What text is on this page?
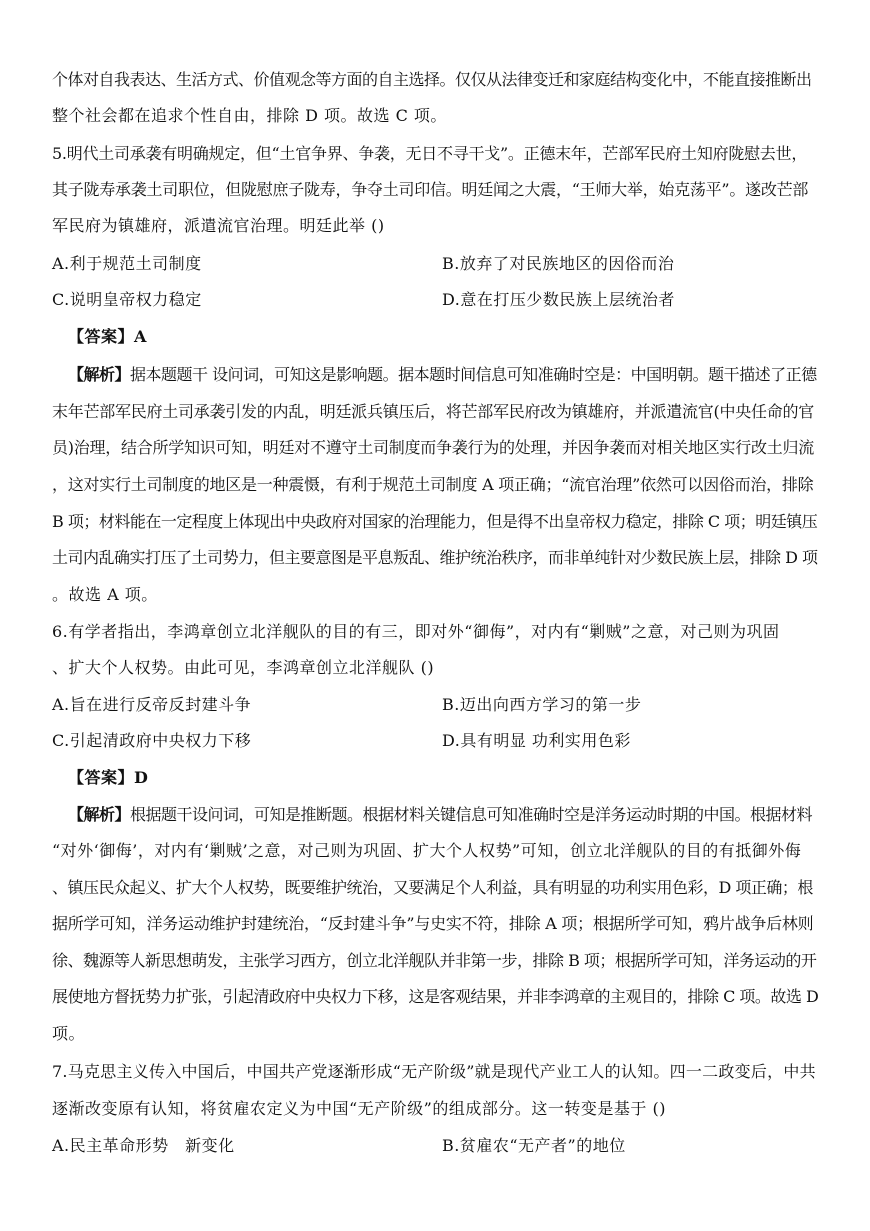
个体对自我表达、生活方式、价值观念等方面的自主选择。仅仅从法律变迁和家庭结构变化中，不能直接推断出
整个社会都在追求个性自由，排除 D 项。故选 C 项。
5.明代土司承袭有明确规定，但“土官争界、争袭，无日不寻干戈”。正德末年，芒部军民府土知府陇慰去世，
其子陇寿承袭土司职位，但陇慰庶子陇寿，争夺土司印信。明廷闻之大震，“王师大举，始克荡平”。遂改芒部
军民府为镇雄府，派遣流官治理。明廷此举 ()
A.利于规范土司制度	B.放弃了对民族地区的因俗而治
C.说明皇帝权力稳定	D.意在打压少数民族上层统治者
【答案】A
【解析】据本题题干 设问词，可知这是影响题。据本题时间信息可知准确时空是：中国明朝。题干描述了正德
末年芒部军民府土司承袭引发的内乱，明廷派兵镇压后，将芒部军民府改为镇雄府，并派遣流官(中央任命的官
员)治理，结合所学知识可知，明廷对不遵守土司制度而争袭行为的处理，并因争袭而对相关地区实行改土归流
，这对实行土司制度的地区是一种震慑，有利于规范土司制度 A 项正确；“流官治理”依然可以因俗而治，排除
B 项；材料能在一定程度上体现出中央政府对国家的治理能力，但是得不出皇帝权力稳定，排除 C 项；明廷镇压
土司内乱确实打压了土司势力，但主要意图是平息叛乱、维护统治秩序，而非单纯针对少数民族上层，排除 D 项
。故选 A 项。
6.有学者指出，李鸿章创立北洋舰队的目的有三，即对外“御侮”，对内有“剿贼”之意，对己则为巩固
、扩大个人权势。由此可见，李鸿章创立北洋舰队 ()
A.旨在进行反帝反封建斗争	B.迈出向西方学习的第一步
C.引起清政府中央权力下移	D.具有明显 功利实用色彩
【答案】D
【解析】根据题干设问词，可知是推断题。根据材料关键信息可知准确时空是洋务运动时期的中国。根据材料
“对外‘御侮’，对内有‘剿贼’之意，对己则为巩固、扩大个人权势”可知，创立北洋舰队的目的有抵御外侮
、镇压民众起义、扩大个人权势，既要维护统治，又要满足个人利益，具有明显的功利实用色彩，D 项正确；根
据所学可知，洋务运动维护封建统治，“反封建斗争”与史实不符，排除 A 项；根据所学可知，鸦片战争后林则
徐、魏源等人新思想萌发，主张学习西方，创立北洋舰队并非第一步，排除 B 项；根据所学可知，洋务运动的开
展使地方督抚势力扩张，引起清政府中央权力下移，这是客观结果，并非李鸿章的主观目的，排除 C 项。故选 D
项。
7.马克思主义传入中国后，中国共产党逐渐形成“无产阶级”就是现代产业工人的认知。四一二政变后，中共
逐渐改变原有认知，将贫雇农定义为中国“无产阶级”的组成部分。这一转变是基于 ()
A.民主革命形势　新变化	B.贫雇农“无产者”的地位
